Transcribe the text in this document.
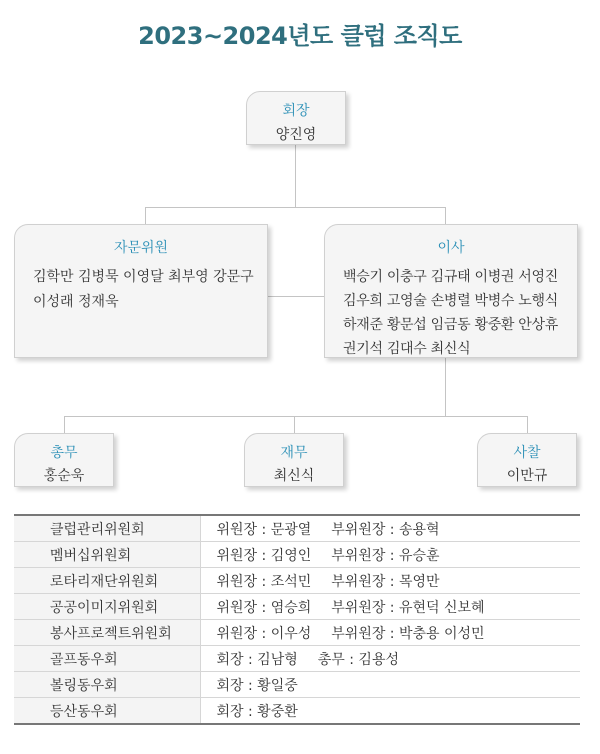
2023~2024년도 클럽 조직도
회장
양진영
자문위원
김학만 김병묵 이영달 최부영 강문구
이성래 정재욱
이사
백승기 이충구 김규태 이병권 서영진
김우희 고영술 손병렬 박병수 노행식
하재준 황문섭 임금동 황중환 안상휴
권기석 김대수 최신식
총무
홍순욱
재무
최신식
사찰
이만규
클럽관리위원회	위원장 : 문광열 부위원장 : 송용혁
멤버십위원회	위원장 : 김영인 부위원장 : 유승훈
로타리재단위원회	위원장 : 조석민 부위원장 : 목영만
공공이미지위원회	위원장 : 염승희 부위원장 : 유현덕 신보혜
봉사프로젝트위원회	위원장 : 이우성 부위원장 : 박충용 이성민
골프동우회	회장 : 김남형 총무 : 김용성
볼링동우회	회장 : 황일중
등산동우회	회장 : 황중환
